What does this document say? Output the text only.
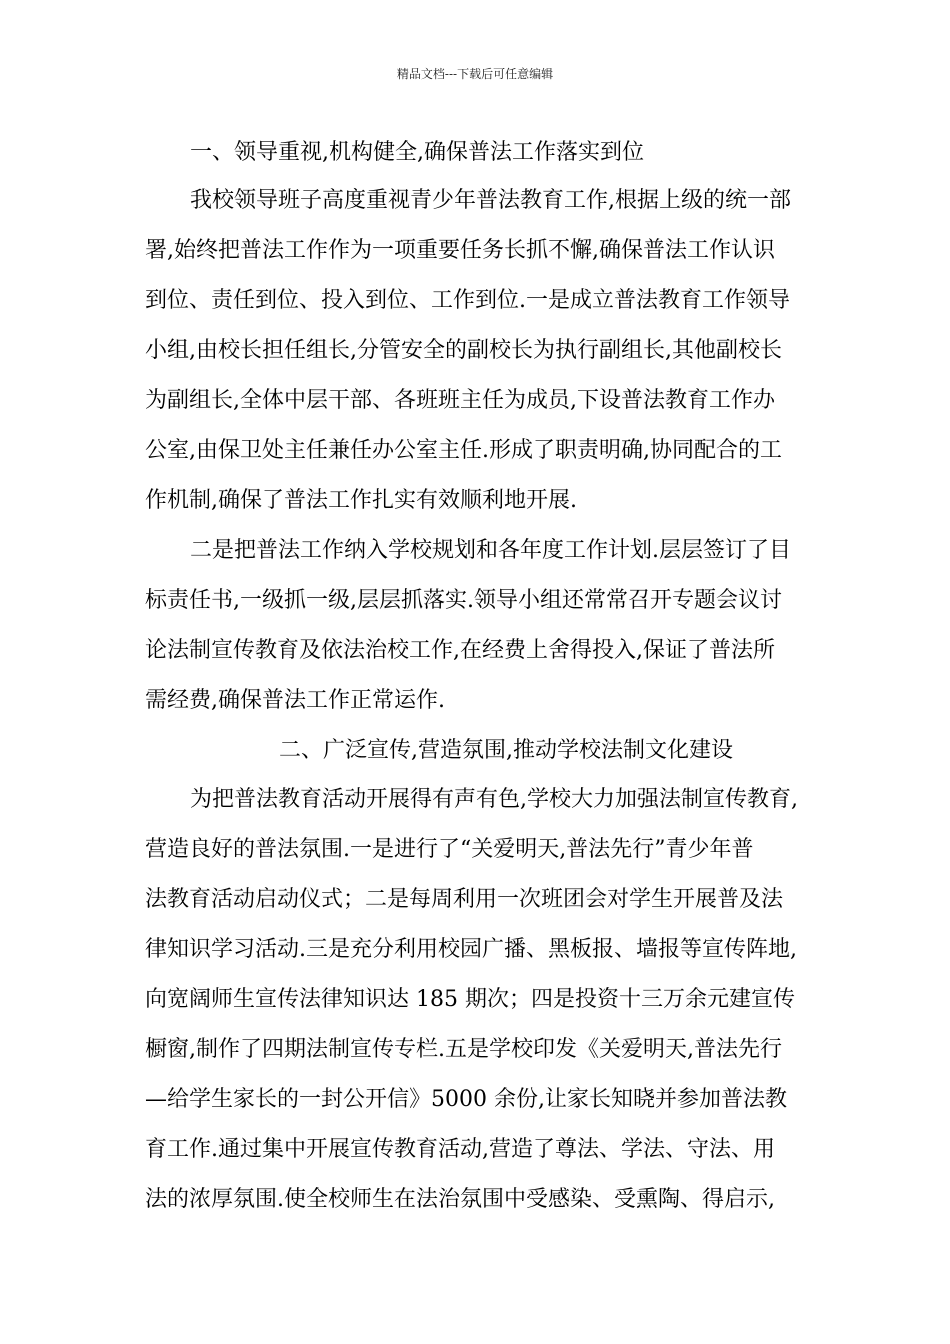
精品文档---下载后可任意编辑
一、领导重视,机构健全,确保普法工作落实到位
我校领导班子高度重视青少年普法教育工作,根据上级的统一部
署,始终把普法工作作为一项重要任务长抓不懈,确保普法工作认识
到位、责任到位、投入到位、工作到位.一是成立普法教育工作领导
小组,由校长担任组长,分管安全的副校长为执行副组长,其他副校长
为副组长,全体中层干部、各班班主任为成员,下设普法教育工作办
公室,由保卫处主任兼任办公室主任.形成了职责明确,协同配合的工
作机制,确保了普法工作扎实有效顺利地开展.
二是把普法工作纳入学校规划和各年度工作计划.层层签订了目
标责任书,一级抓一级,层层抓落实.领导小组还常常召开专题会议讨
论法制宣传教育及依法治校工作,在经费上舍得投入,保证了普法所
需经费,确保普法工作正常运作.
二、广泛宣传,营造氛围,推动学校法制文化建设
为把普法教育活动开展得有声有色,学校大力加强法制宣传教育,
营造良好的普法氛围.一是进行了“关爱明天,普法先行”青少年普
法教育活动启动仪式；二是每周利用一次班团会对学生开展普及法
律知识学习活动.三是充分利用校园广播、黑板报、墙报等宣传阵地,
向宽阔师生宣传法律知识达 185 期次；四是投资十三万余元建宣传
橱窗,制作了四期法制宣传专栏.五是学校印发《关爱明天,普法先行
—给学生家长的一封公开信》5000 余份,让家长知晓并参加普法教
育工作.通过集中开展宣传教育活动,营造了尊法、学法、守法、用
法的浓厚氛围.使全校师生在法治氛围中受感染、受熏陶、得启示,
